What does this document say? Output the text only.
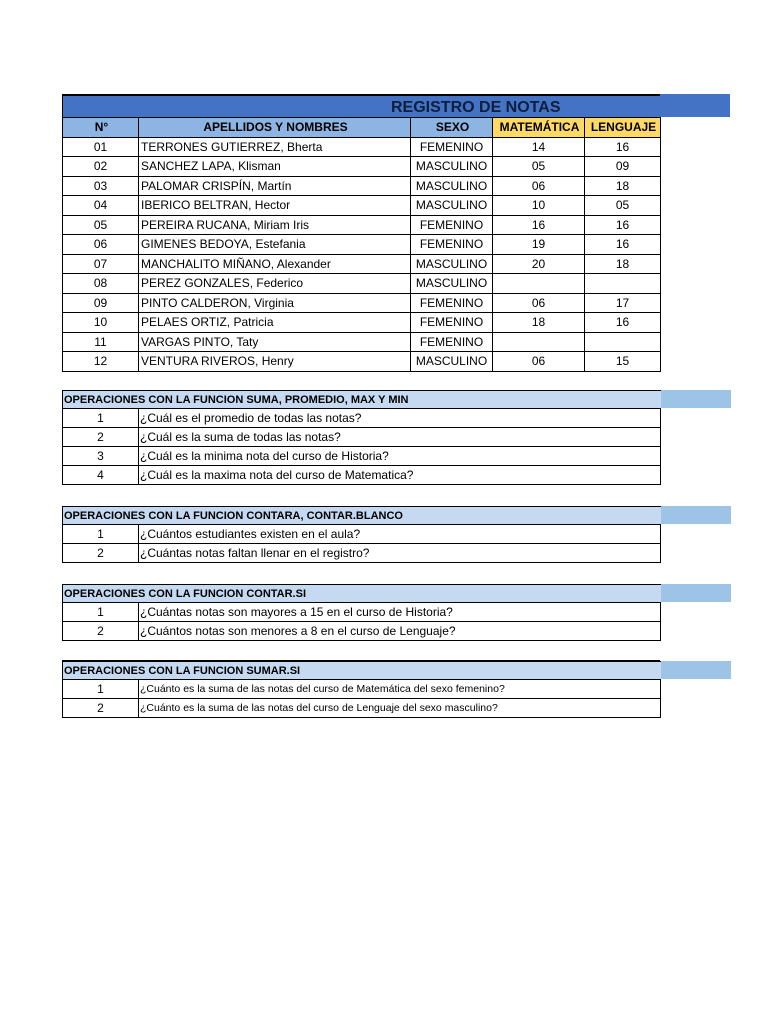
REGISTRO DE NOTAS
N°	APELLIDOS Y NOMBRES	SEXO	MATEMÁTICA	LENGUAJE
01	TERRONES GUTIERREZ, Bherta	FEMENINO	14	16
02	SANCHEZ LAPA, Klisman	MASCULINO	05	09
03	PALOMAR CRISPÍN, Martín	MASCULINO	06	18
04	IBERICO BELTRAN, Hector	MASCULINO	10	05
05	PEREIRA RUCANA, Miriam Iris	FEMENINO	16	16
06	GIMENES BEDOYA, Estefania	FEMENINO	19	16
07	MANCHALITO MIÑANO, Alexander	MASCULINO	20	18
08	PEREZ GONZALES, Federico	MASCULINO		
09	PINTO CALDERON, Virginia	FEMENINO	06	17
10	PELAES ORTIZ, Patricia	FEMENINO	18	16
11	VARGAS PINTO, Taty	FEMENINO		
12	VENTURA RIVEROS, Henry	MASCULINO	06	15
OPERACIONES CON LA FUNCION SUMA, PROMEDIO, MAX Y MIN
1	¿Cuál es el promedio de todas las notas?
2	¿Cuál es la suma de todas las notas?
3	¿Cuál es la minima nota del curso de Historia?
4	¿Cuál es la maxima nota del curso de Matematica?
OPERACIONES CON LA FUNCION CONTARA, CONTAR.BLANCO
1	¿Cuántos estudiantes existen en el aula?
2	¿Cuántas notas faltan llenar en el registro?
OPERACIONES CON LA FUNCION CONTAR.SI
1	¿Cuántas notas son mayores a 15 en el curso de Historia?
2	¿Cuántos notas son menores a 8 en el curso de Lenguaje?
OPERACIONES CON LA FUNCION SUMAR.SI
1	¿Cuánto es la suma de las notas del curso de Matemática del sexo femenino?
2	¿Cuánto es la suma de las notas del curso de Lenguaje del sexo masculino?
